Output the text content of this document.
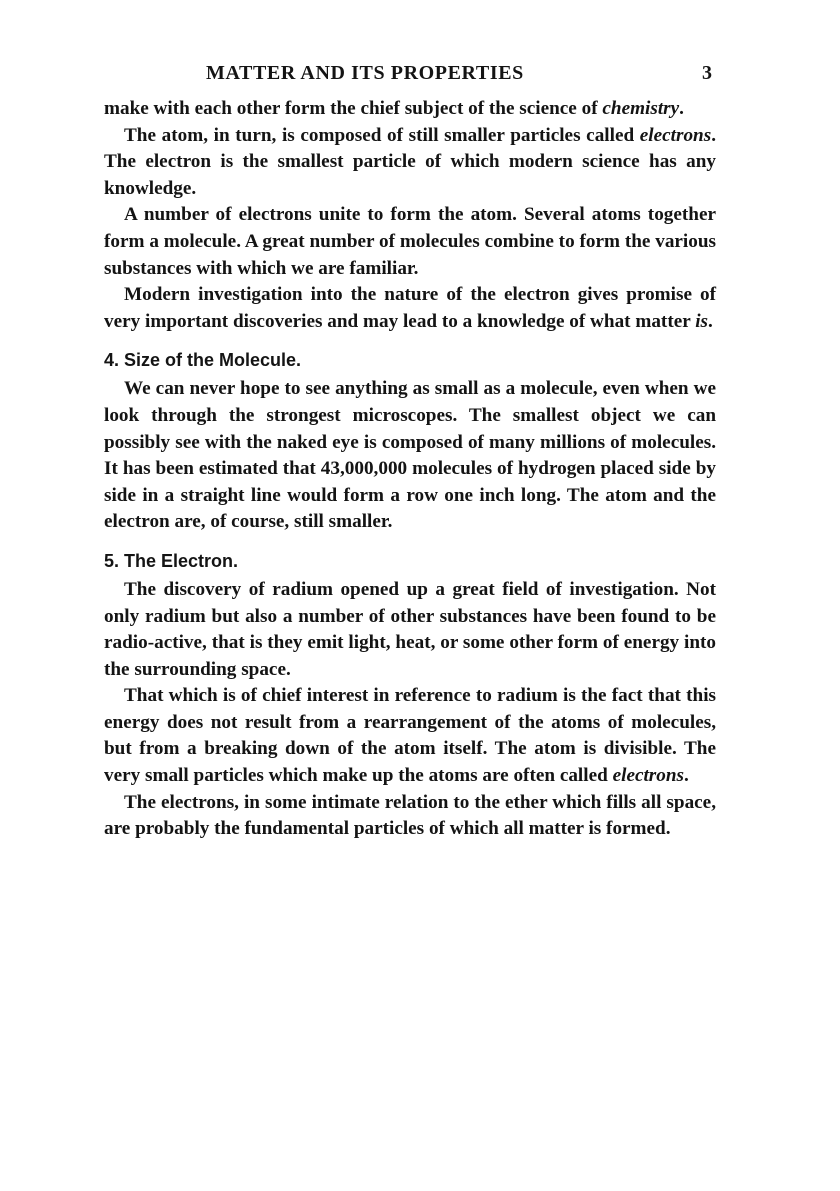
MATTER AND ITS PROPERTIES	3

make with each other form the chief subject of the science of chemistry.

The atom, in turn, is composed of still smaller particles called electrons. The electron is the smallest particle of which modern science has any knowledge.

A number of electrons unite to form the atom. Several atoms together form a molecule. A great number of molecules combine to form the various substances with which we are familiar.

Modern investigation into the nature of the electron gives promise of very important discoveries and may lead to a knowledge of what matter is.

4. Size of the Molecule.

We can never hope to see anything as small as a molecule, even when we look through the strongest microscopes. The smallest object we can possibly see with the naked eye is composed of many millions of molecules. It has been estimated that 43,000,000 molecules of hydrogen placed side by side in a straight line would form a row one inch long. The atom and the electron are, of course, still smaller.

5. The Electron.

The discovery of radium opened up a great field of investigation. Not only radium but also a number of other substances have been found to be radio-active, that is they emit light, heat, or some other form of energy into the surrounding space.

That which is of chief interest in reference to radium is the fact that this energy does not result from a rearrangement of the atoms of molecules, but from a breaking down of the atom itself. The atom is divisible. The very small particles which make up the atoms are often called electrons.

The electrons, in some intimate relation to the ether which fills all space, are probably the fundamental particles of which all matter is formed.
